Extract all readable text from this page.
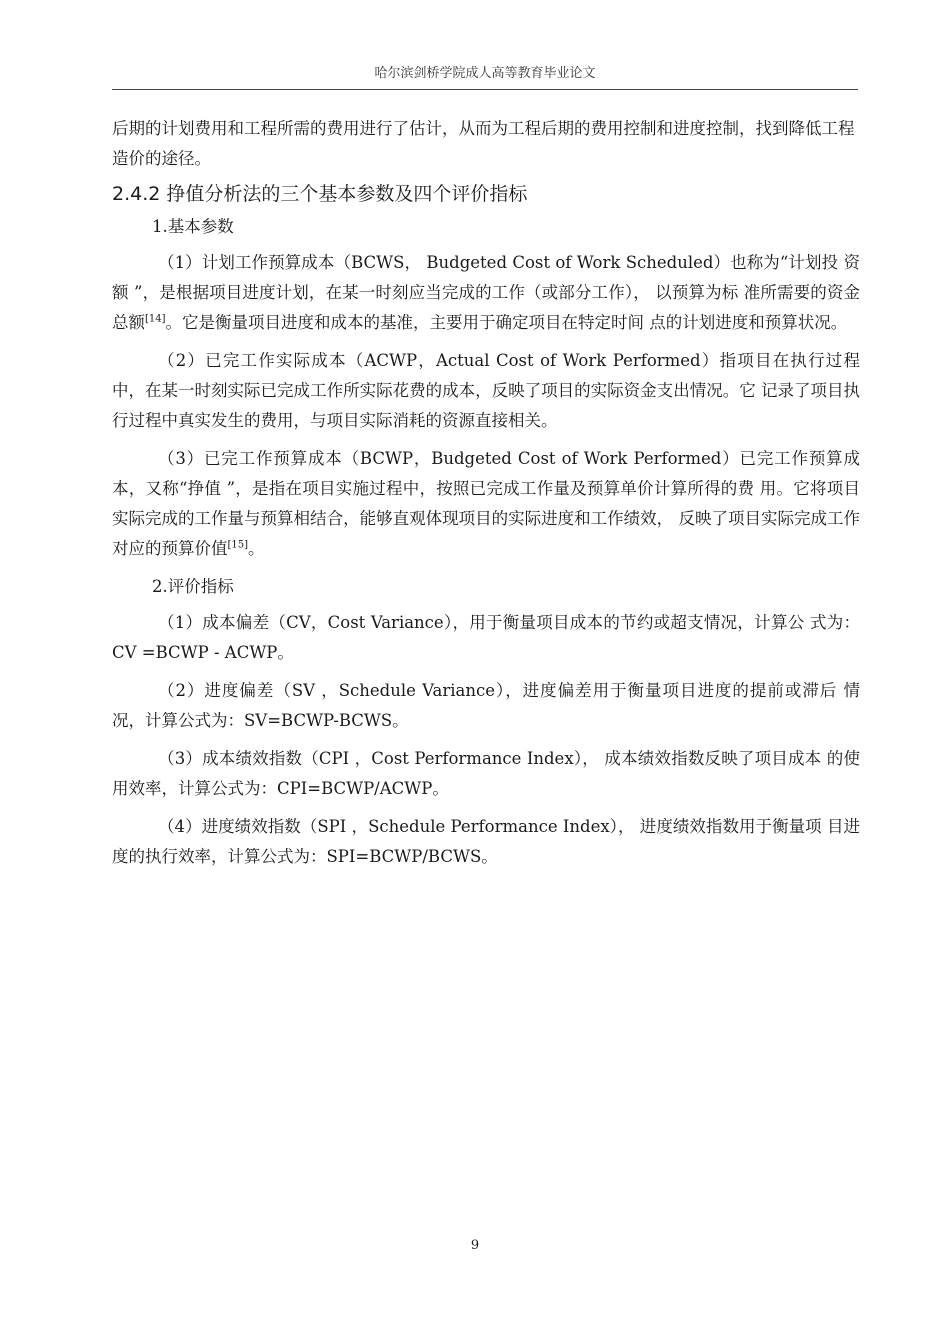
哈尔滨剑桥学院成人高等教育毕业论文

后期的计划费用和工程所需的费用进行了估计，从而为工程后期的费用控制和进度控制，找到降低工程造价的途径。

2.4.2 挣值分析法的三个基本参数及四个评价指标

1.基本参数

（1）计划工作预算成本（BCWS， Budgeted Cost of Work Scheduled）也称为“计划投 资额 ”，是根据项目进度计划，在某一时刻应当完成的工作（或部分工作）， 以预算为标 准所需要的资金总额[14]。它是衡量项目进度和成本的基准，主要用于确定项目在特定时间 点的计划进度和预算状况。

（2）已完工作实际成本（ACWP，Actual Cost of Work Performed）指项目在执行过程 中，在某一时刻实际已完成工作所实际花费的成本，反映了项目的实际资金支出情况。它 记录了项目执行过程中真实发生的费用，与项目实际消耗的资源直接相关。

（3）已完工作预算成本（BCWP，Budgeted Cost of Work Performed）已完工作预算成本，又称“挣值 ”，是指在项目实施过程中，按照已完成工作量及预算单价计算所得的费 用。它将项目实际完成的工作量与预算相结合，能够直观体现项目的实际进度和工作绩效， 反映了项目实际完成工作对应的预算价值[15]。

2.评价指标

（1）成本偏差（CV，Cost Variance），用于衡量项目成本的节约或超支情况，计算公 式为：CV =BCWP - ACWP。

（2）进度偏差（SV ，Schedule Variance），进度偏差用于衡量项目进度的提前或滞后 情况，计算公式为：SV=BCWP-BCWS。

（3）成本绩效指数（CPI ，Cost Performance Index）， 成本绩效指数反映了项目成本 的使用效率，计算公式为：CPI=BCWP/ACWP。

（4）进度绩效指数（SPI ，Schedule Performance Index）， 进度绩效指数用于衡量项 目进度的执行效率，计算公式为：SPI=BCWP/BCWS。

9
